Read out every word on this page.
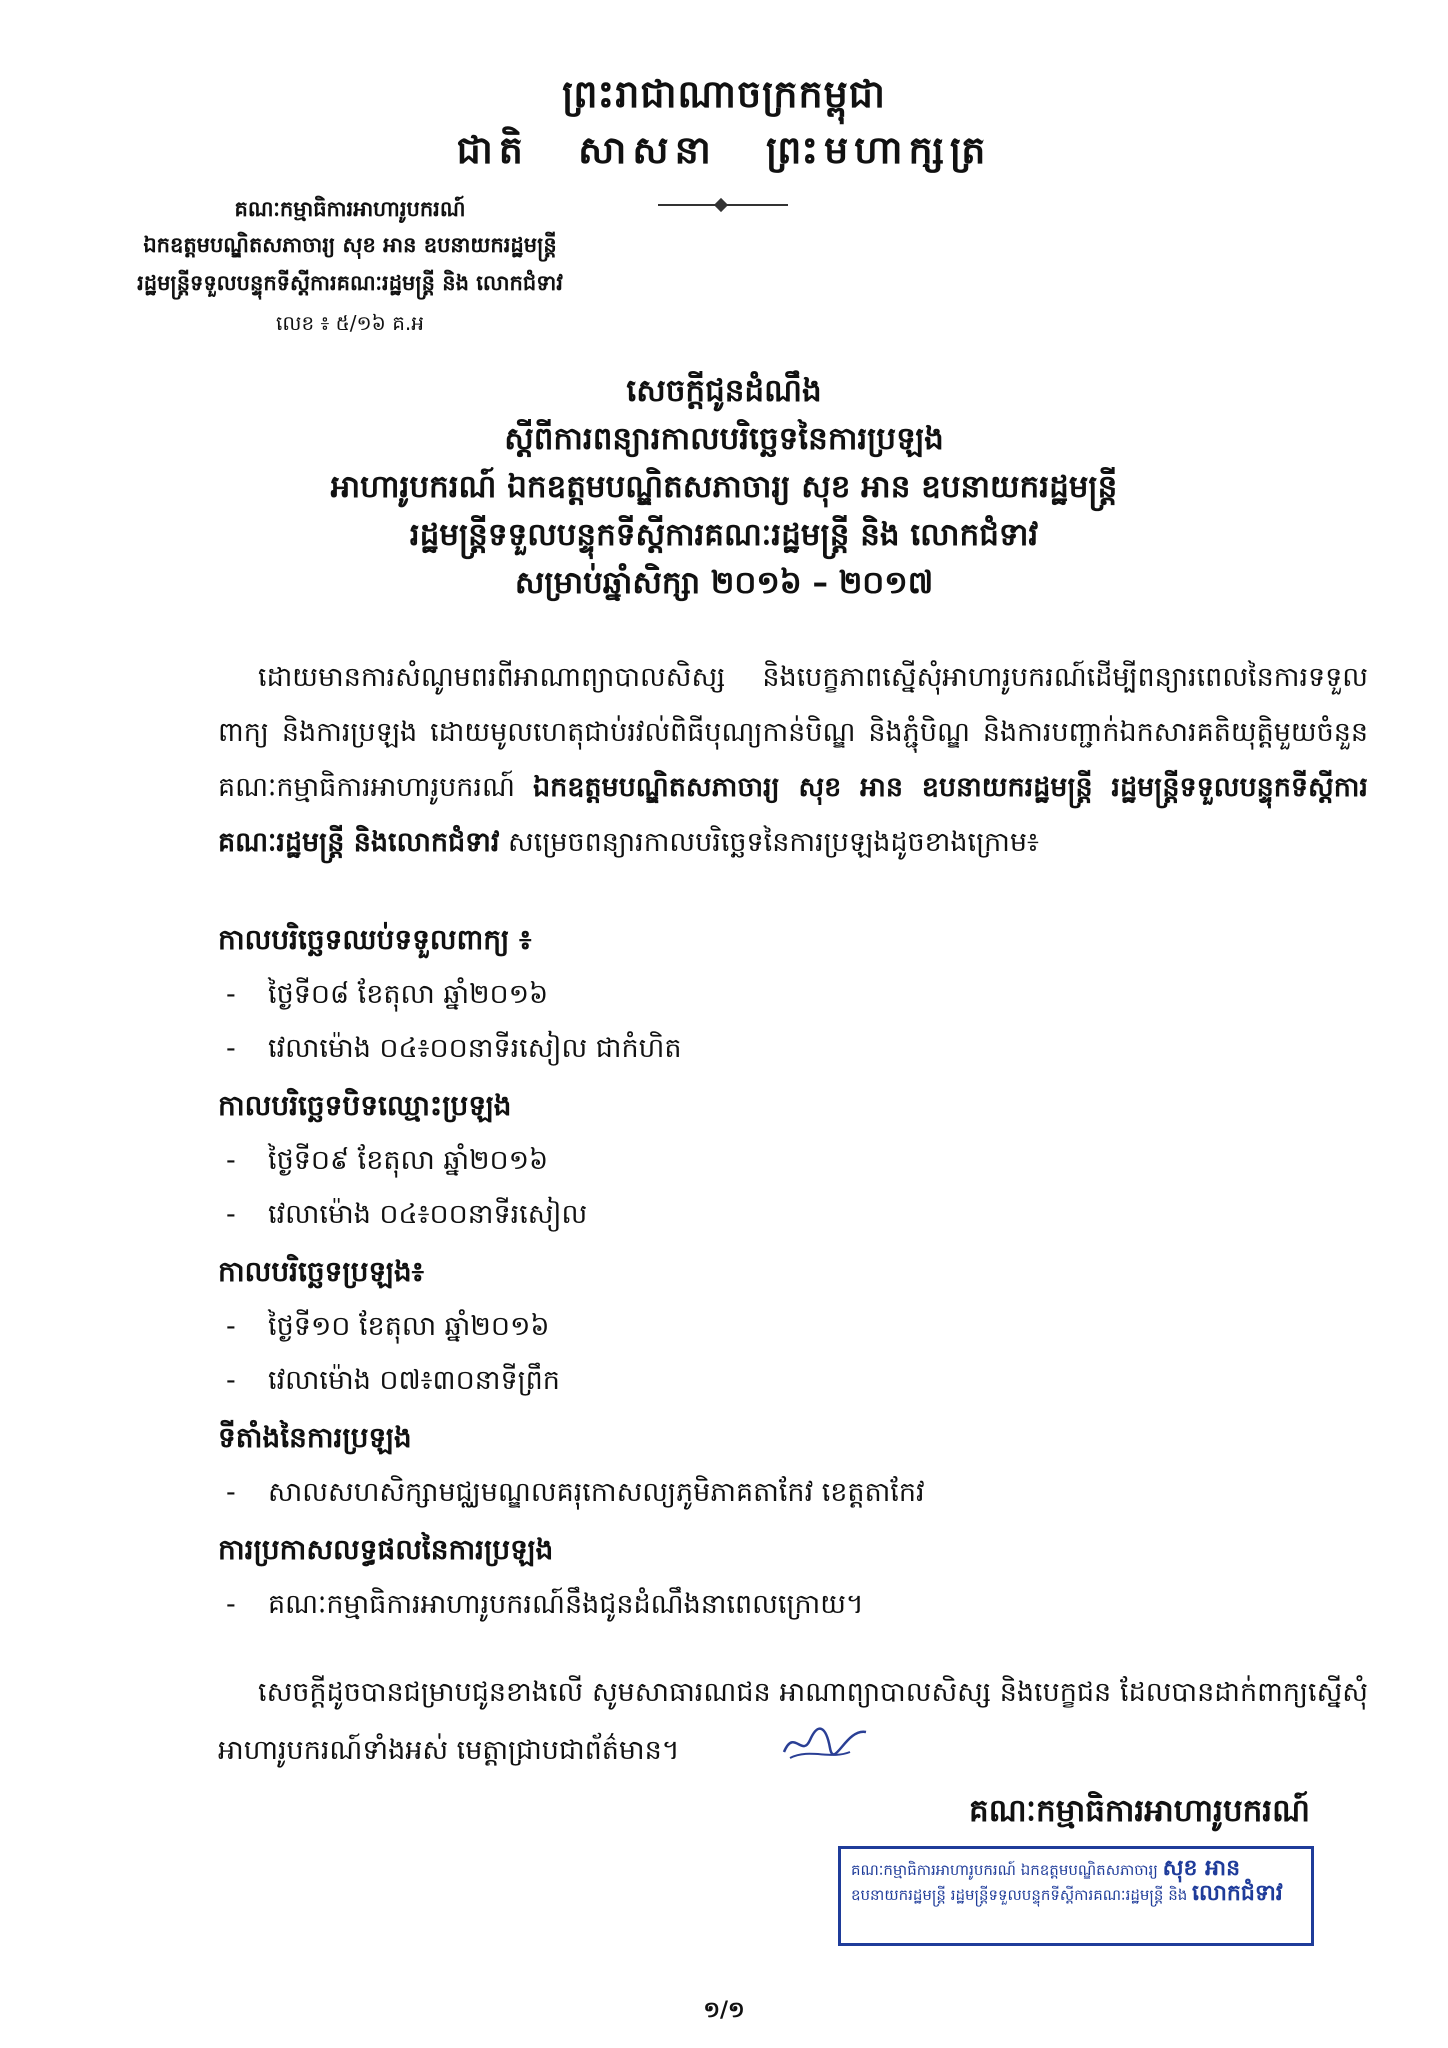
ព្រះរាជាណាចក្រកម្ពុជា
ជាតិ សាសនា ព្រះមហាក្សត្រ
គណៈកម្មាធិការអាហារូបករណ៍
ឯកឧត្តមបណ្ឌិតសភាចារ្យ សុខ អាន ឧបនាយករដ្ឋមន្ត្រី
រដ្ឋមន្ត្រីទទួលបន្ទុកទីស្តីការគណៈរដ្ឋមន្ត្រី និង លោកជំទាវ
លេខ ៖ ៥/១៦ គ.អ
សេចក្តីជូនដំណឹង
ស្តីពីការពន្យារកាលបរិច្ឆេទនៃការប្រឡង
អាហារូបករណ៍ ឯកឧត្តមបណ្ឌិតសភាចារ្យ សុខ អាន ឧបនាយករដ្ឋមន្ត្រី
រដ្ឋមន្ត្រីទទួលបន្ទុកទីស្តីការគណៈរដ្ឋមន្ត្រី និង លោកជំទាវ
សម្រាប់ឆ្នាំសិក្សា ២០១៦ – ២០១៧
ដោយមានការសំណូមពរពីអាណាព្យាបាលសិស្ស និងបេក្ខភាពស្នើសុំអាហារូបករណ៍ដើម្បីពន្យារពេលនៃការទទួលពាក្យ និងការប្រឡង ដោយមូលហេតុជាប់រវល់ពិធីបុណ្យកាន់បិណ្ឌ និងភ្ជុំបិណ្ឌ និងការបញ្ជាក់ឯកសារគតិយុត្តិមួយចំនួន គណៈកម្មាធិការអាហារូបករណ៍ ឯកឧត្តមបណ្ឌិតសភាចារ្យ សុខ អាន ឧបនាយករដ្ឋមន្ត្រី រដ្ឋមន្ត្រីទទួលបន្ទុកទីស្តីការគណៈរដ្ឋមន្ត្រី និងលោកជំទាវ សម្រេចពន្យារកាលបរិច្ឆេទនៃការប្រឡងដូចខាងក្រោម៖
កាលបរិច្ឆេទឈប់ទទួលពាក្យ ៖
- ថ្ងៃទី០៨ ខែតុលា ឆ្នាំ២០១៦
- វេលាម៉ោង ០៤៖០០នាទីរសៀល ជាកំហិត
កាលបរិច្ឆេទបិទឈ្មោះប្រឡង
- ថ្ងៃទី០៩ ខែតុលា ឆ្នាំ២០១៦
- វេលាម៉ោង ០៤៖០០នាទីរសៀល
កាលបរិច្ឆេទប្រឡង៖
- ថ្ងៃទី១០ ខែតុលា ឆ្នាំ២០១៦
- វេលាម៉ោង ០៧៖៣០នាទីព្រឹក
ទីតាំងនៃការប្រឡង
- សាលសហសិក្សាមជ្ឈមណ្ឌលគរុកោសល្យភូមិភាគតាកែវ ខេត្តតាកែវ
ការប្រកាសលទ្ធផលនៃការប្រឡង
- គណៈកម្មាធិការអាហារូបករណ៍នឹងជូនដំណឹងនាពេលក្រោយ។
សេចក្តីដូចបានជម្រាបជូនខាងលើ សូមសាធារណជន អាណាព្យាបាលសិស្ស និងបេក្ខជន ដែលបានដាក់ពាក្យស្នើសុំអាហារូបករណ៍ទាំងអស់ មេត្តាជ្រាបជាព័ត៌មាន។
គណៈកម្មាធិការអាហារូបករណ៍
គណៈកម្មាធិការអាហារូបករណ៍ ឯកឧត្តមបណ្ឌិតសភាចារ្យ សុខ អាន
ឧបនាយករដ្ឋមន្ត្រី រដ្ឋមន្ត្រីទទួលបន្ទុកទីស្តីការគណៈរដ្ឋមន្ត្រី និង លោកជំទាវ
១/១
